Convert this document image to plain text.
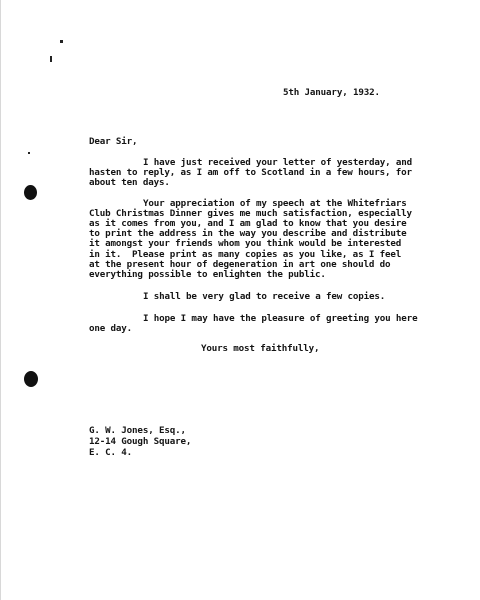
5th January, 1932.
Dear Sir,
I have just received your letter of yesterday, and
hasten to reply, as I am off to Scotland in a few hours, for
about ten days.
Your appreciation of my speech at the Whitefriars
Club Christmas Dinner gives me much satisfaction, especially
as it comes from you, and I am glad to know that you desire
to print the address in the way you describe and distribute
it amongst your friends whom you think would be interested
in it.  Please print as many copies as you like, as I feel
at the present hour of degeneration in art one should do
everything possible to enlighten the public.
I shall be very glad to receive a few copies.
I hope I may have the pleasure of greeting you here
one day.
Yours most faithfully,
G. W. Jones, Esq.,
12-14 Gough Square,
E. C. 4.
